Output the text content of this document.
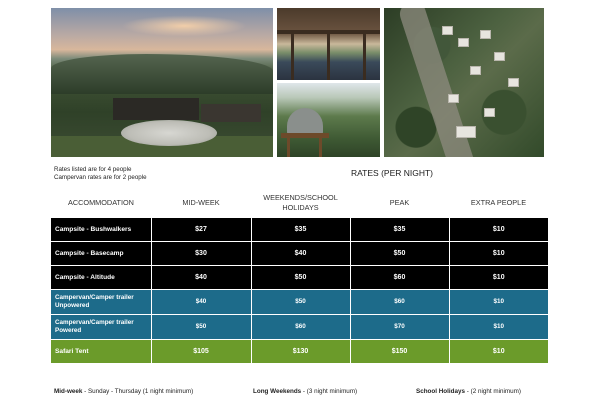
Rates listed are for 4 people
Campervan rates are for 2 people	RATES (PER NIGHT)
ACCOMMODATION	MID-WEEK	WEEKENDS/SCHOOL HOLIDAYS	PEAK	EXTRA PEOPLE
Campsite - Bushwalkers	$27	$35	$35	$10
Campsite - Basecamp	$30	$40	$50	$10
Campsite - Altitude	$40	$50	$60	$10
Campervan/Camper trailer Unpowered	$40	$50	$60	$10
Campervan/Camper trailer Powered	$50	$60	$70	$10
Safari Tent	$105	$130	$150	$10
Mid-week - Sunday - Thursday (1 night minimum)	Long Weekends - (3 night minimum)	School Holidays - (2 night minimum)
